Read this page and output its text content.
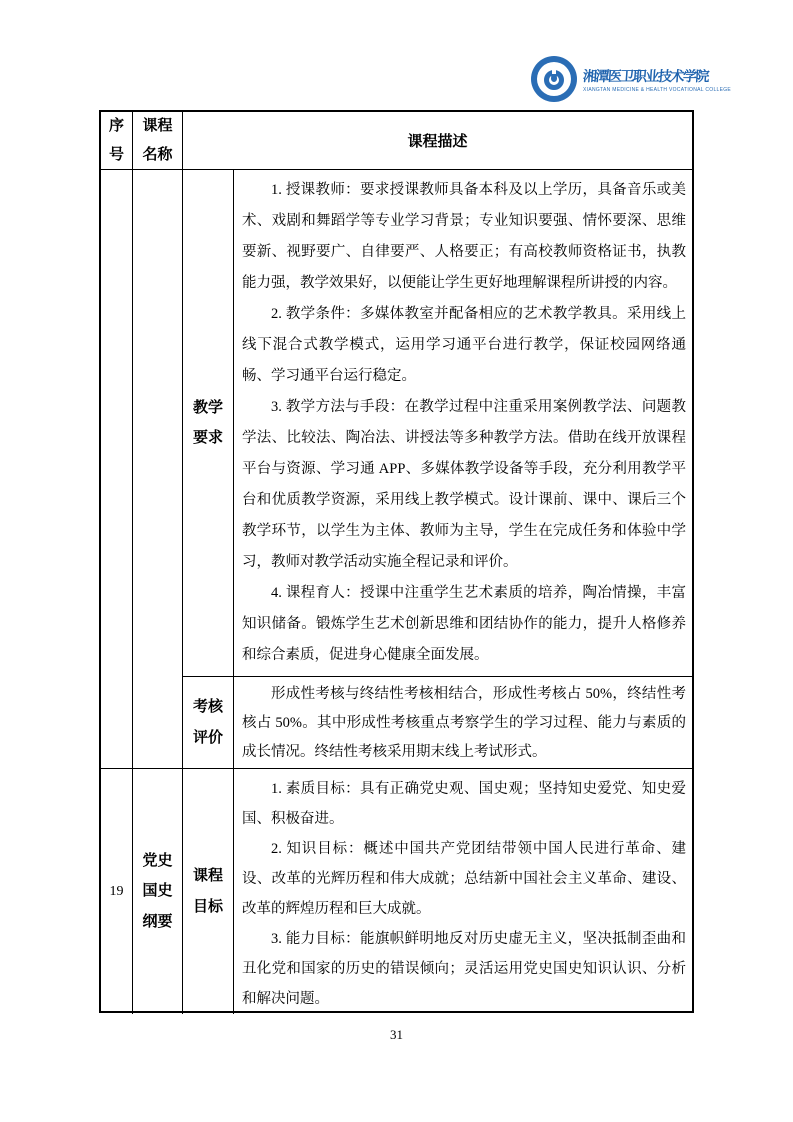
湘潭医卫职业技术学院
XIANGTAN MEDICINE & HEALTH VOCATIONAL COLLEGE
序
号
课程
名称
课程描述
教学
要求

1. 授课教师：要求授课教师具备本科及以上学历，具备音乐或美术、戏剧和舞蹈学等专业学习背景；专业知识要强、情怀要深、思维要新、视野要广、自律要严、人格要正；有高校教师资格证书，执教能力强，教学效果好，以便能让学生更好地理解课程所讲授的内容。

2. 教学条件：多媒体教室并配备相应的艺术教学教具。采用线上线下混合式教学模式，运用学习通平台进行教学，保证校园网络通畅、学习通平台运行稳定。

3. 教学方法与手段：在教学过程中注重采用案例教学法、问题教学法、比较法、陶冶法、讲授法等多种教学方法。借助在线开放课程平台与资源、学习通 APP、多媒体教学设备等手段，充分利用教学平台和优质教学资源，采用线上教学模式。设计课前、课中、课后三个教学环节，以学生为主体、教师为主导，学生在完成任务和体验中学习，教师对教学活动实施全程记录和评价。

4. 课程育人：授课中注重学生艺术素质的培养，陶冶情操，丰富知识储备。锻炼学生艺术创新思维和团结协作的能力，提升人格修养和综合素质，促进身心健康全面发展。

考核
评价

形成性考核与终结性考核相结合，形成性考核占 50%，终结性考核占 50%。其中形成性考核重点考察学生的学习过程、能力与素质的成长情况。终结性考核采用期末线上考试形式。

19
党史
国史
纲要
课程
目标

1. 素质目标：具有正确党史观、国史观；坚持知史爱党、知史爱国、积极奋进。

2. 知识目标：概述中国共产党团结带领中国人民进行革命、建设、改革的光辉历程和伟大成就；总结新中国社会主义革命、建设、改革的辉煌历程和巨大成就。

3. 能力目标：能旗帜鲜明地反对历史虚无主义，坚决抵制歪曲和丑化党和国家的历史的错误倾向；灵活运用党史国史知识认识、分析和解决问题。

31
